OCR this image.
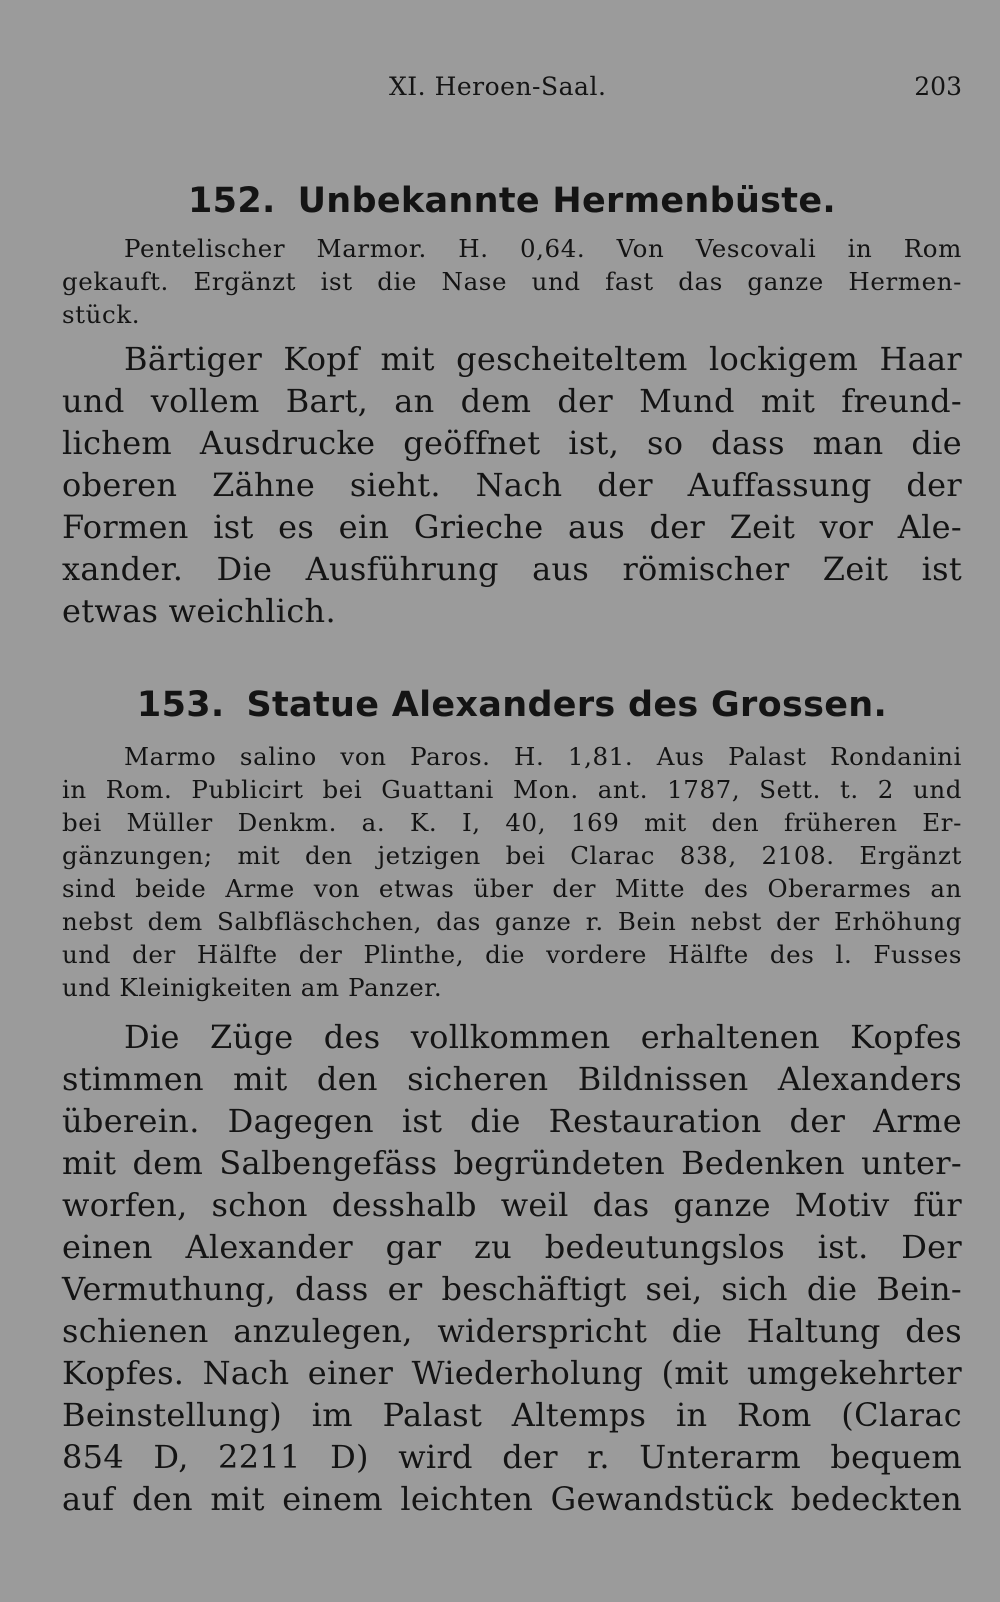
XI. Heroen-Saal.	203
152. Unbekannte Hermenbüste.
Pentelischer Marmor. H. 0,64. Von Vescovali in Rom
gekauft. Ergänzt ist die Nase und fast das ganze Hermen-
stück.
Bärtiger Kopf mit gescheiteltem lockigem Haar
und vollem Bart, an dem der Mund mit freund-
lichem Ausdrucke geöffnet ist, so dass man die
oberen Zähne sieht. Nach der Auffassung der
Formen ist es ein Grieche aus der Zeit vor Ale-
xander. Die Ausführung aus römischer Zeit ist
etwas weichlich.
153. Statue Alexanders des Grossen.
Marmo salino von Paros. H. 1,81. Aus Palast Rondanini
in Rom. Publicirt bei Guattani Mon. ant. 1787, Sett. t. 2 und
bei Müller Denkm. a. K. I, 40, 169 mit den früheren Er-
gänzungen; mit den jetzigen bei Clarac 838, 2108. Ergänzt
sind beide Arme von etwas über der Mitte des Oberarmes an
nebst dem Salbfläschchen, das ganze r. Bein nebst der Erhöhung
und der Hälfte der Plinthe, die vordere Hälfte des l. Fusses
und Kleinigkeiten am Panzer.
Die Züge des vollkommen erhaltenen Kopfes
stimmen mit den sicheren Bildnissen Alexanders
überein. Dagegen ist die Restauration der Arme
mit dem Salbengefäss begründeten Bedenken unter-
worfen, schon desshalb weil das ganze Motiv für
einen Alexander gar zu bedeutungslos ist. Der
Vermuthung, dass er beschäftigt sei, sich die Bein-
schienen anzulegen, widerspricht die Haltung des
Kopfes. Nach einer Wiederholung (mit umgekehrter
Beinstellung) im Palast Altemps in Rom (Clarac
854 D, 2211 D) wird der r. Unterarm bequem
auf den mit einem leichten Gewandstück bedeckten
